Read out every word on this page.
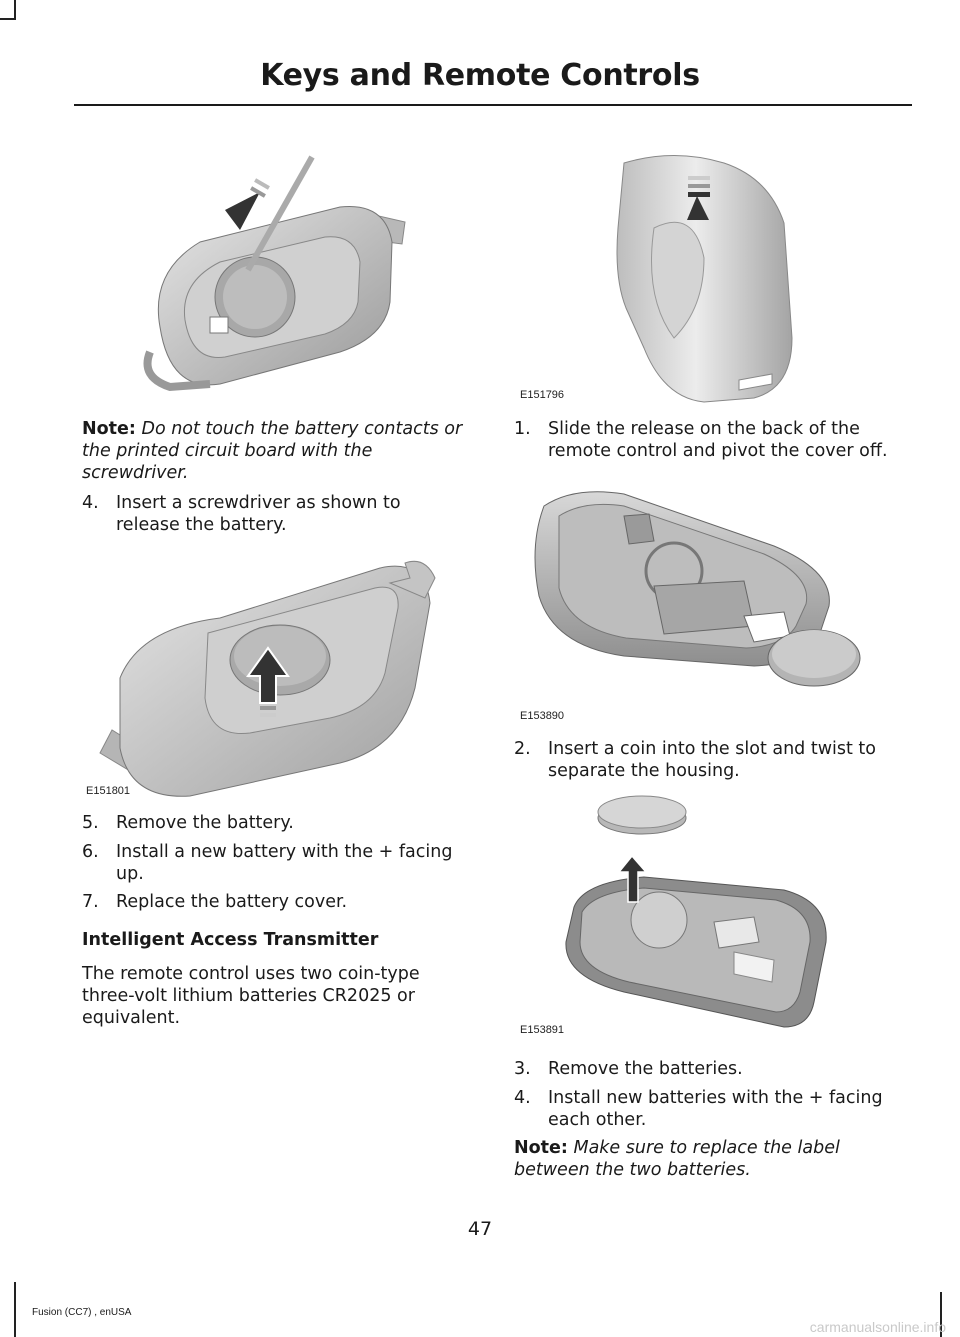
Keys and Remote Controls
E151796
Note: Do not touch the battery contacts or the printed circuit board with the screwdriver.
4. Insert a screwdriver as shown to
release the battery.
E151801
5. Remove the battery.
6. Install a new battery with the + facing
up.
7. Replace the battery cover.
Intelligent Access Transmitter
The remote control uses two coin-type
three-volt lithium batteries CR2025 or
equivalent.
1. Slide the release on the back of the
remote control and pivot the cover off.
E153890
2. Insert a coin into the slot and twist to
separate the housing.
E153891
3. Remove the batteries.
4. Install new batteries with the + facing
each other.
Note: Make sure to replace the label
between the two batteries.
47
Fusion (CC7) , enUSA
carmanualsonline.info
